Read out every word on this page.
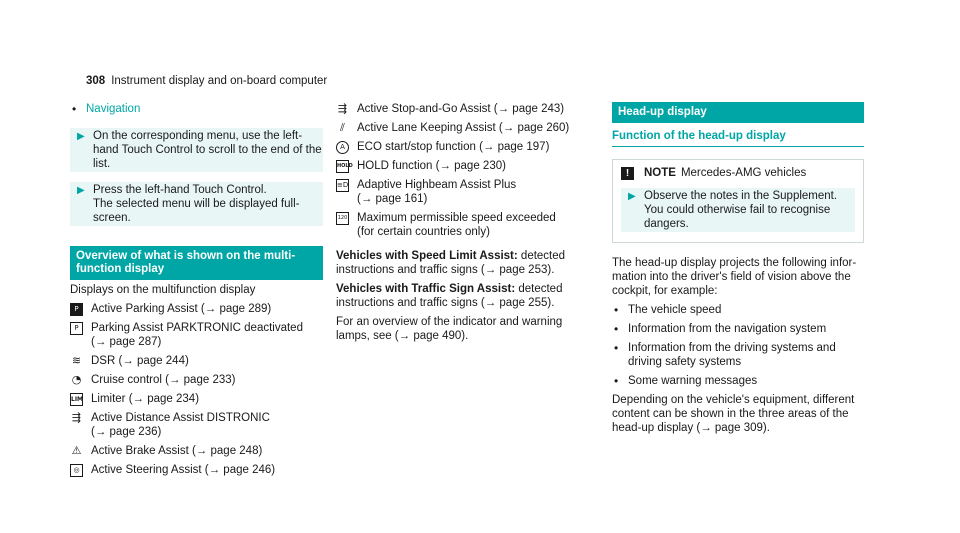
308 Instrument display and on-board computer
• Navigation
▶ On the corresponding menu, use the left-
hand Touch Control to scroll to the end of the
list.
▶ Press the left-hand Touch Control.
The selected menu will be displayed full-
screen.
Overview of what is shown on the multi-
function display

Displays on the multifunction display

P	Active Parking Assist (→ page 289)
P	Parking Assist PARKTRONIC deactivated
(→ page 287)
≋ DSR (→ page 244)
◔ Cruise control (→ page 233)
LIM Limiter (→ page 234)
⇶ Active Distance Assist DISTRONIC
(→ page 236)
⚠ Active Brake Assist (→ page 248)
◎ Active Steering Assist (→ page 246)
⇶ Active Stop-and-Go Assist (→ page 243)
⫽	Active Lane Keeping Assist (→ page 260)
A	ECO start/stop function (→ page 197)
HOLD HOLD function (→ page 230)
≡D Adaptive Highbeam Assist Plus
(→ page 161)
120 Maximum permissible speed exceeded
(for certain countries only)

Vehicles with Speed Limit Assist: detected
instructions and traffic signs (→ page 253).

Vehicles with Traffic Sign Assist: detected
instructions and traffic signs (→ page 255).

For an overview of the indicator and warning
lamps, see (→ page 490).

Head-up display
Function of the head-up display
!	NOTE Mercedes-AMG vehicles
▶ Observe the notes in the Supplement.
You could otherwise fail to recognise
dangers.

The head-up display projects the following infor-
mation into the driver's field of vision above the
cockpit, for example:

• The vehicle speed
• Information from the navigation system
• Information from the driving systems and
driving safety systems
• Some warning messages

Depending on the vehicle's equipment, different
content can be shown in the three areas of the
head-up display (→ page 309).
